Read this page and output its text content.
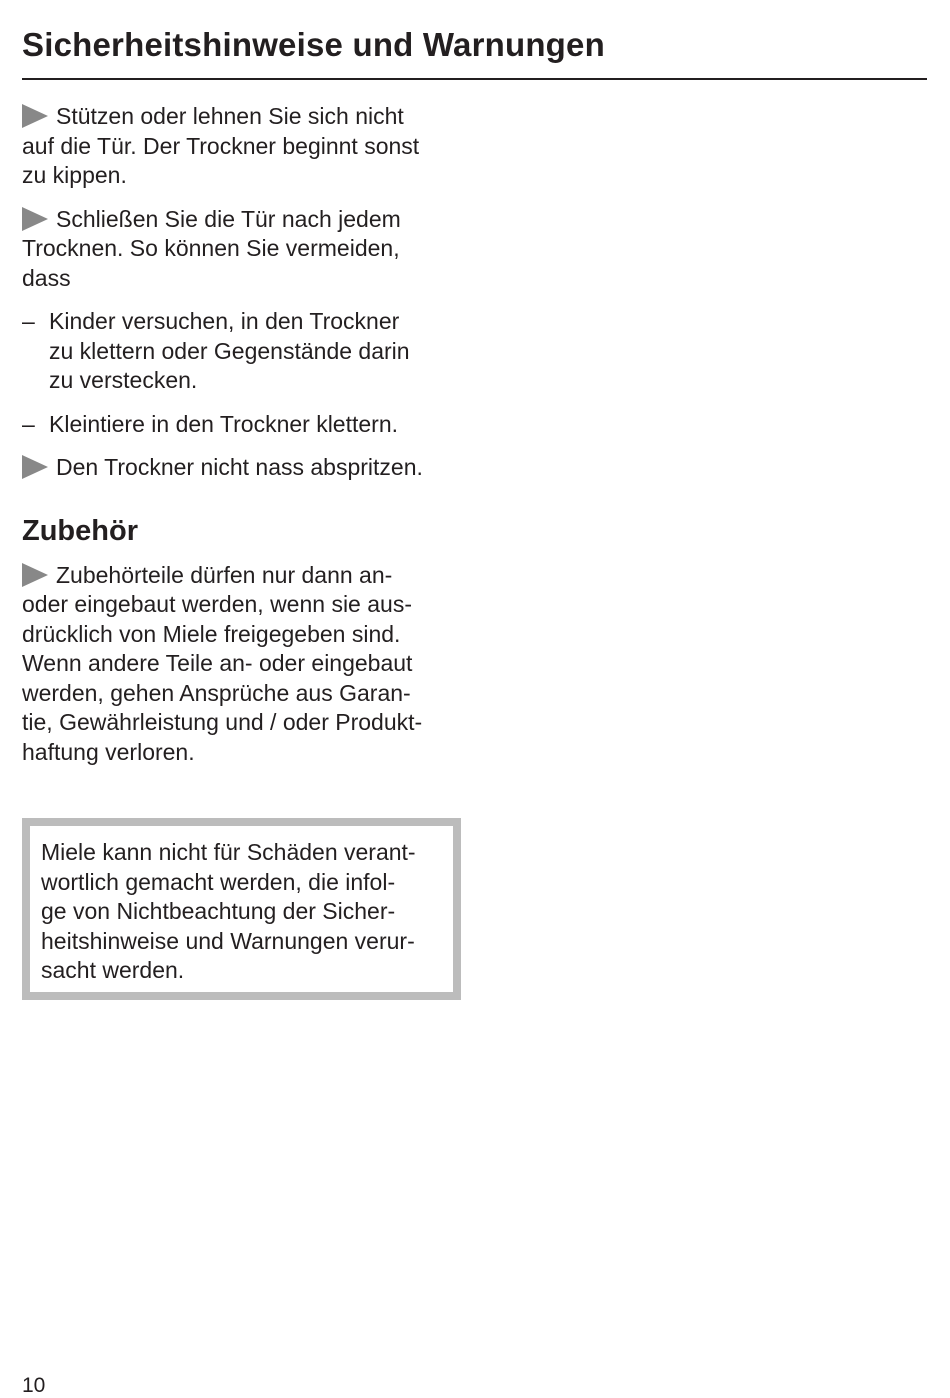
Sicherheitshinweise und Warnungen

Stützen oder lehnen Sie sich nicht
auf die Tür. Der Trockner beginnt sonst
zu kippen.

Schließen Sie die Tür nach jedem
Trocknen. So können Sie vermeiden,
dass

– Kinder versuchen, in den Trockner
zu klettern oder Gegenstände darin
zu verstecken.
– Kleintiere in den Trockner klettern.

Den Trockner nicht nass abspritzen.

Zubehör

Zubehörteile dürfen nur dann an-
oder eingebaut werden, wenn sie aus-
drücklich von Miele freigegeben sind.
Wenn andere Teile an- oder eingebaut
werden, gehen Ansprüche aus Garan-
tie, Gewährleistung und / oder Produkt-
haftung verloren.

Miele kann nicht für Schäden verant-
wortlich gemacht werden, die infol-
ge von Nichtbeachtung der Sicher-
heitshinweise und Warnungen verur-
sacht werden.

10
